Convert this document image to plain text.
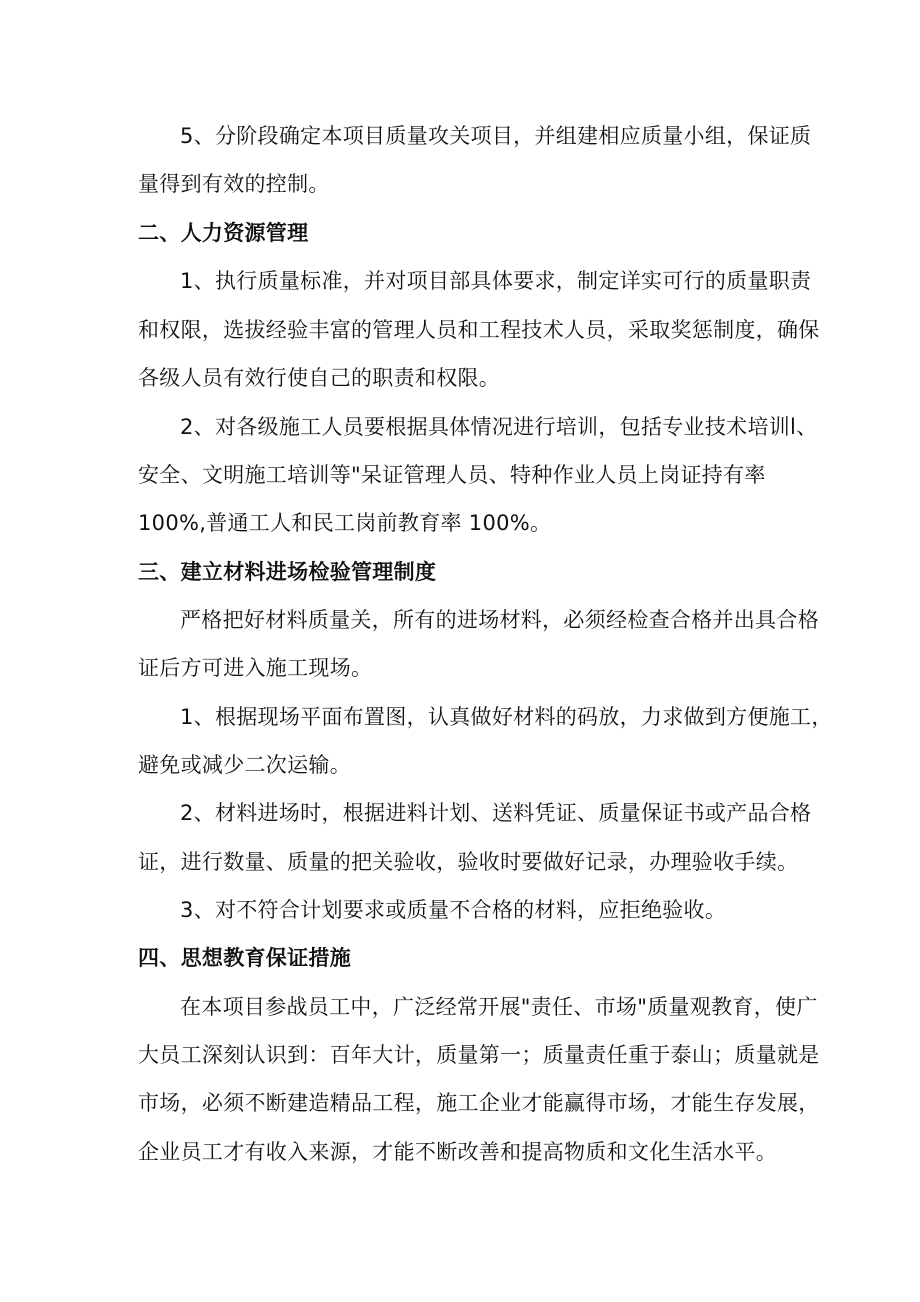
5、分阶段确定本项目质量攻关项目，并组建相应质量小组，保证质
量得到有效的控制。
二、人力资源管理
1、执行质量标准，并对项目部具体要求，制定详实可行的质量职责
和权限，选拔经验丰富的管理人员和工程技术人员，采取奖惩制度，确保
各级人员有效行使自己的职责和权限。
2、对各级施工人员要根据具体情况进行培训，包括专业技术培训l、
安全、文明施工培训等"呆证管理人员、特种作业人员上岗证持有率
100%,普通工人和民工岗前教育率 100%。
三、建立材料进场检验管理制度
严格把好材料质量关，所有的进场材料，必须经检查合格并出具合格
证后方可进入施工现场。
1、根据现场平面布置图，认真做好材料的码放，力求做到方便施工，
避免或减少二次运输。
2、材料进场时，根据进料计划、送料凭证、质量保证书或产品合格
证，进行数量、质量的把关验收，验收时要做好记录，办理验收手续。
3、对不符合计划要求或质量不合格的材料，应拒绝验收。
四、思想教育保证措施
在本项目参战员工中，广泛经常开展"责任、市场"质量观教育，使广
大员工深刻认识到：百年大计，质量第一；质量责任重于泰山；质量就是
市场，必须不断建造精品工程，施工企业才能赢得市场，才能生存发展，
企业员工才有收入来源，才能不断改善和提高物质和文化生活水平。
